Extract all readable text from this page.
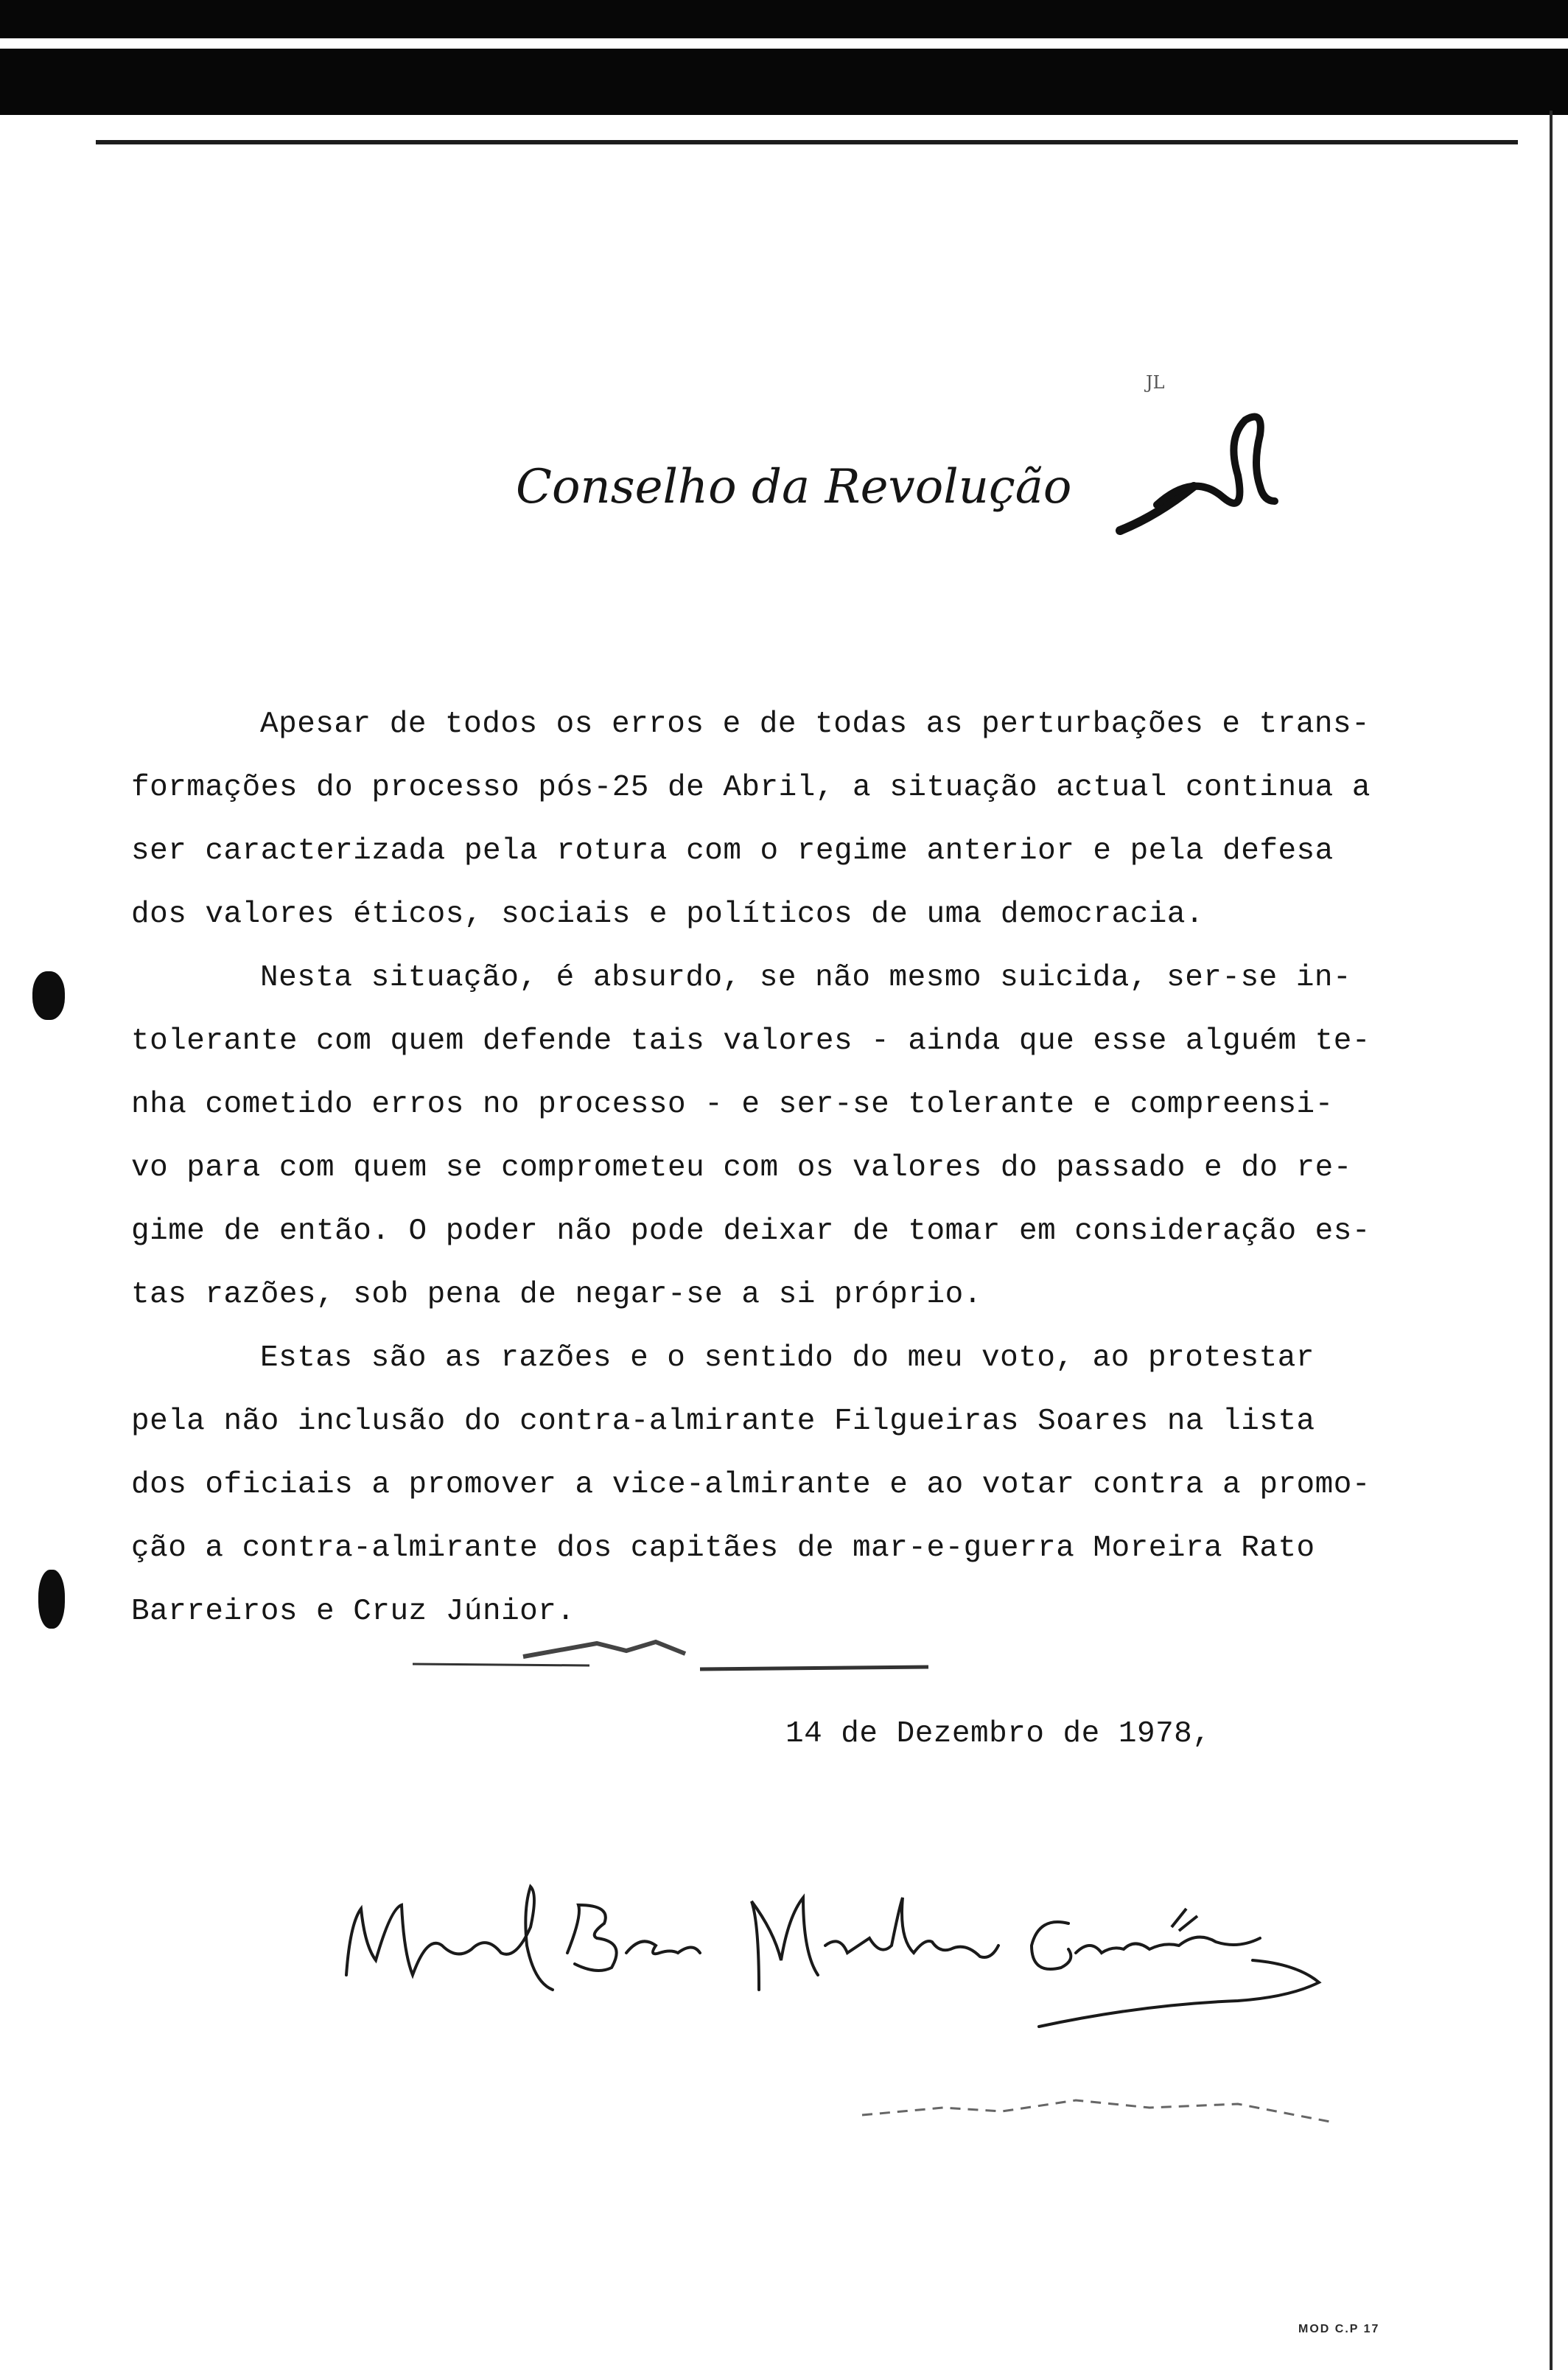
JL
Conselho da Revolução

Apesar de todos os erros e de todas as perturbações e trans-

formações do processo pós-25 de Abril, a situação actual continua a

ser caracterizada pela rotura com o regime anterior e pela defesa

dos valores éticos, sociais e políticos de uma democracia.

Nesta situação, é absurdo, se não mesmo suicida, ser-se in-

tolerante com quem defende tais valores - ainda que esse alguém te-

nha cometido erros no processo - e ser-se tolerante e compreensi-

vo para com quem se comprometeu com os valores do passado e do re-

gime de então. O poder não pode deixar de tomar em consideração es-

tas razões, sob pena de negar-se a si próprio.

Estas são as razões e o sentido do meu voto, ao protestar

pela não inclusão do contra-almirante Filgueiras Soares na lista

dos oficiais a promover a vice-almirante e ao votar contra a promo-

ção a contra-almirante dos capitães de mar-e-guerra Moreira Rato

Barreiros e Cruz Júnior.

14 de Dezembro de 1978,
Manuel Bento Martins Guerreiro
MOD C.P 17
